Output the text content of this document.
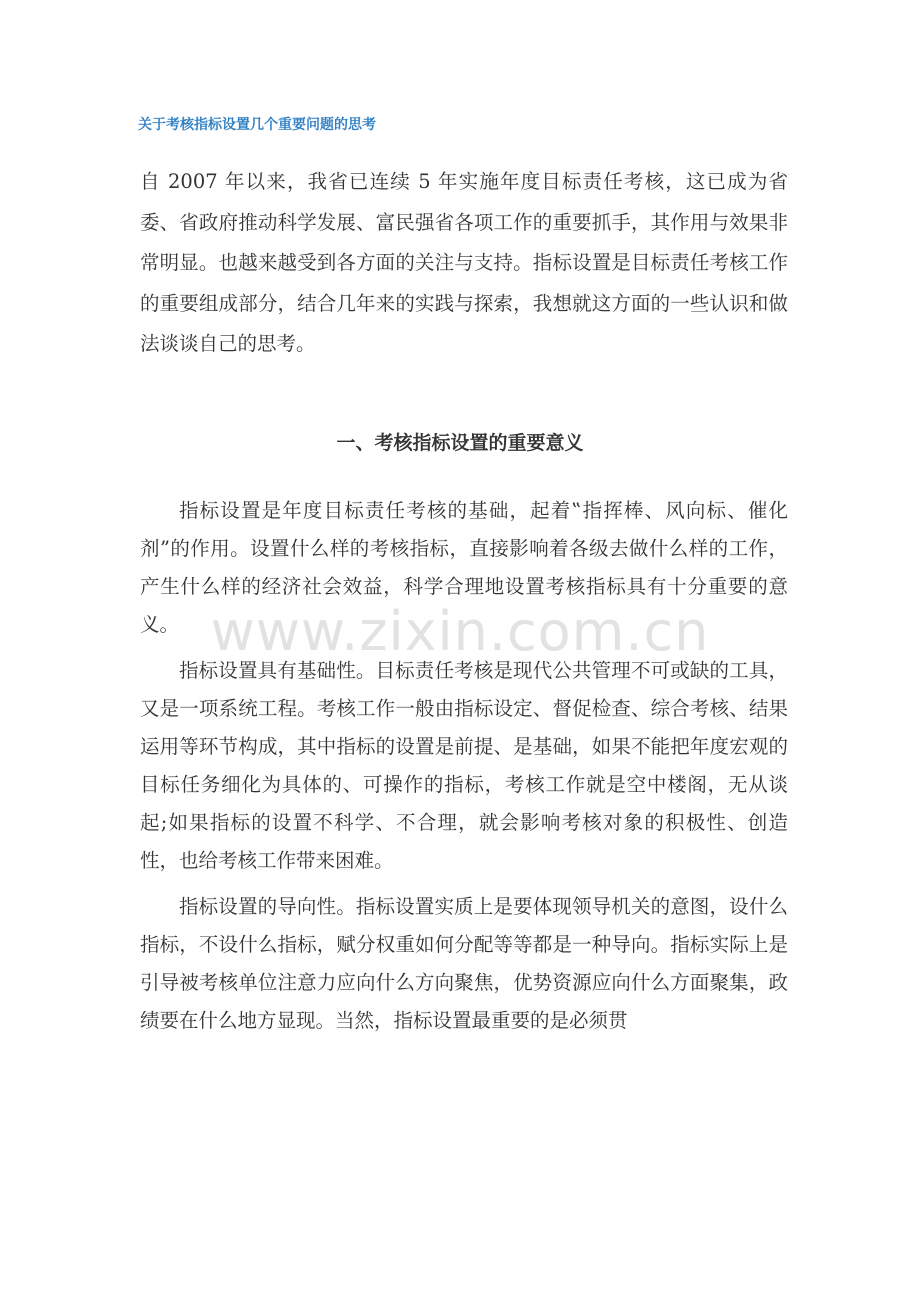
关于考核指标设置几个重要问题的思考

自 2007 年以来，我省已连续 5 年实施年度目标责任考核，这已成为省委、省政府推动科学发展、富民强省各项工作的重要抓手，其作用与效果非常明显。也越来越受到各方面的关注与支持。指标设置是目标责任考核工作的重要组成部分，结合几年来的实践与探索，我想就这方面的一些认识和做法谈谈自己的思考。

一、考核指标设置的重要意义

指标设置是年度目标责任考核的基础，起着‟指挥棒、风向标、催化剂”的作用。设置什么样的考核指标，直接影响着各级去做什么样的工作，产生什么样的经济社会效益，科学合理地设置考核指标具有十分重要的意义。

指标设置具有基础性。目标责任考核是现代公共管理不可或缺的工具，又是一项系统工程。考核工作一般由指标设定、督促检查、综合考核、结果运用等环节构成，其中指标的设置是前提、是基础，如果不能把年度宏观的目标任务细化为具体的、可操作的指标，考核工作就是空中楼阁，无从谈起;如果指标的设置不科学、不合理，就会影响考核对象的积极性、创造性，也给考核工作带来困难。

指标设置的导向性。指标设置实质上是要体现领导机关的意图，设什么指标，不设什么指标，赋分权重如何分配等等都是一种导向。指标实际上是引导被考核单位注意力应向什么方向聚焦，优势资源应向什么方面聚集，政绩要在什么地方显现。当然，指标设置最重要的是必须贯

www.zixin.com.cn
